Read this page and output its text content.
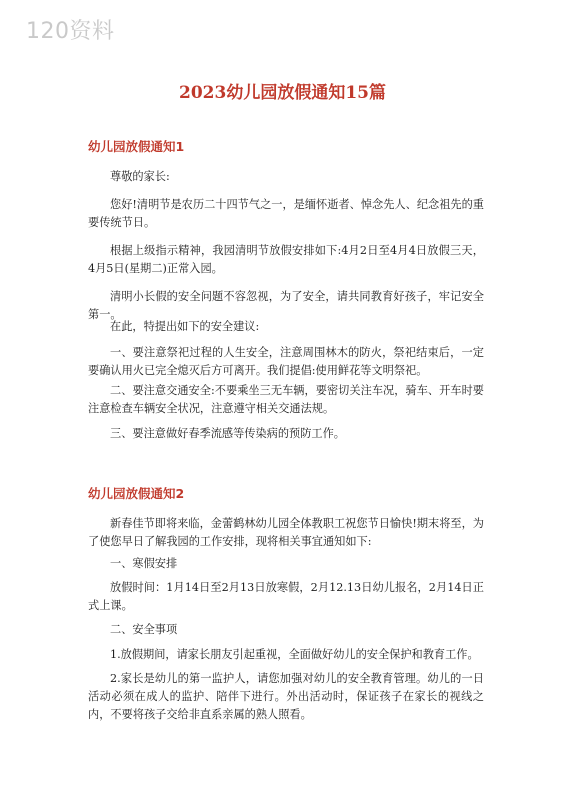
120资料
2023幼儿园放假通知15篇
幼儿园放假通知1

尊敬的家长:

您好!清明节是农历二十四节气之一，是缅怀逝者、悼念先人、纪念祖先的重要传统节日。

根据上级指示精神，我园清明节放假安排如下:4月2日至4月4日放假三天，4月5日(星期二)正常入园。

清明小长假的安全问题不容忽视，为了安全，请共同教育好孩子，牢记安全第一。

在此，特提出如下的安全建议:

一、要注意祭祀过程的人生安全，注意周围林木的防火，祭祀结束后，一定要确认用火已完全熄灭后方可离开。我们提倡:使用鲜花等文明祭祀。

二、要注意交通安全:不要乘坐三无车辆，要密切关注车况，骑车、开车时要注意检查车辆安全状况，注意遵守相关交通法规。

三、要注意做好春季流感等传染病的预防工作。

幼儿园放假通知2

新春佳节即将来临，金蕾鹤林幼儿园全体教职工祝您节日愉快!期末将至，为了使您早日了解我园的工作安排，现将相关事宜通知如下:

一、寒假安排

放假时间：1月14日至2月13日放寒假，2月12.13日幼儿报名，2月14日正式上课。

二、安全事项

1.放假期间，请家长朋友引起重视，全面做好幼儿的安全保护和教育工作。

2.家长是幼儿的第一监护人，请您加强对幼儿的安全教育管理。幼儿的一日活动必须在成人的监护、陪伴下进行。外出活动时，保证孩子在家长的视线之内，不要将孩子交给非直系亲属的熟人照看。
